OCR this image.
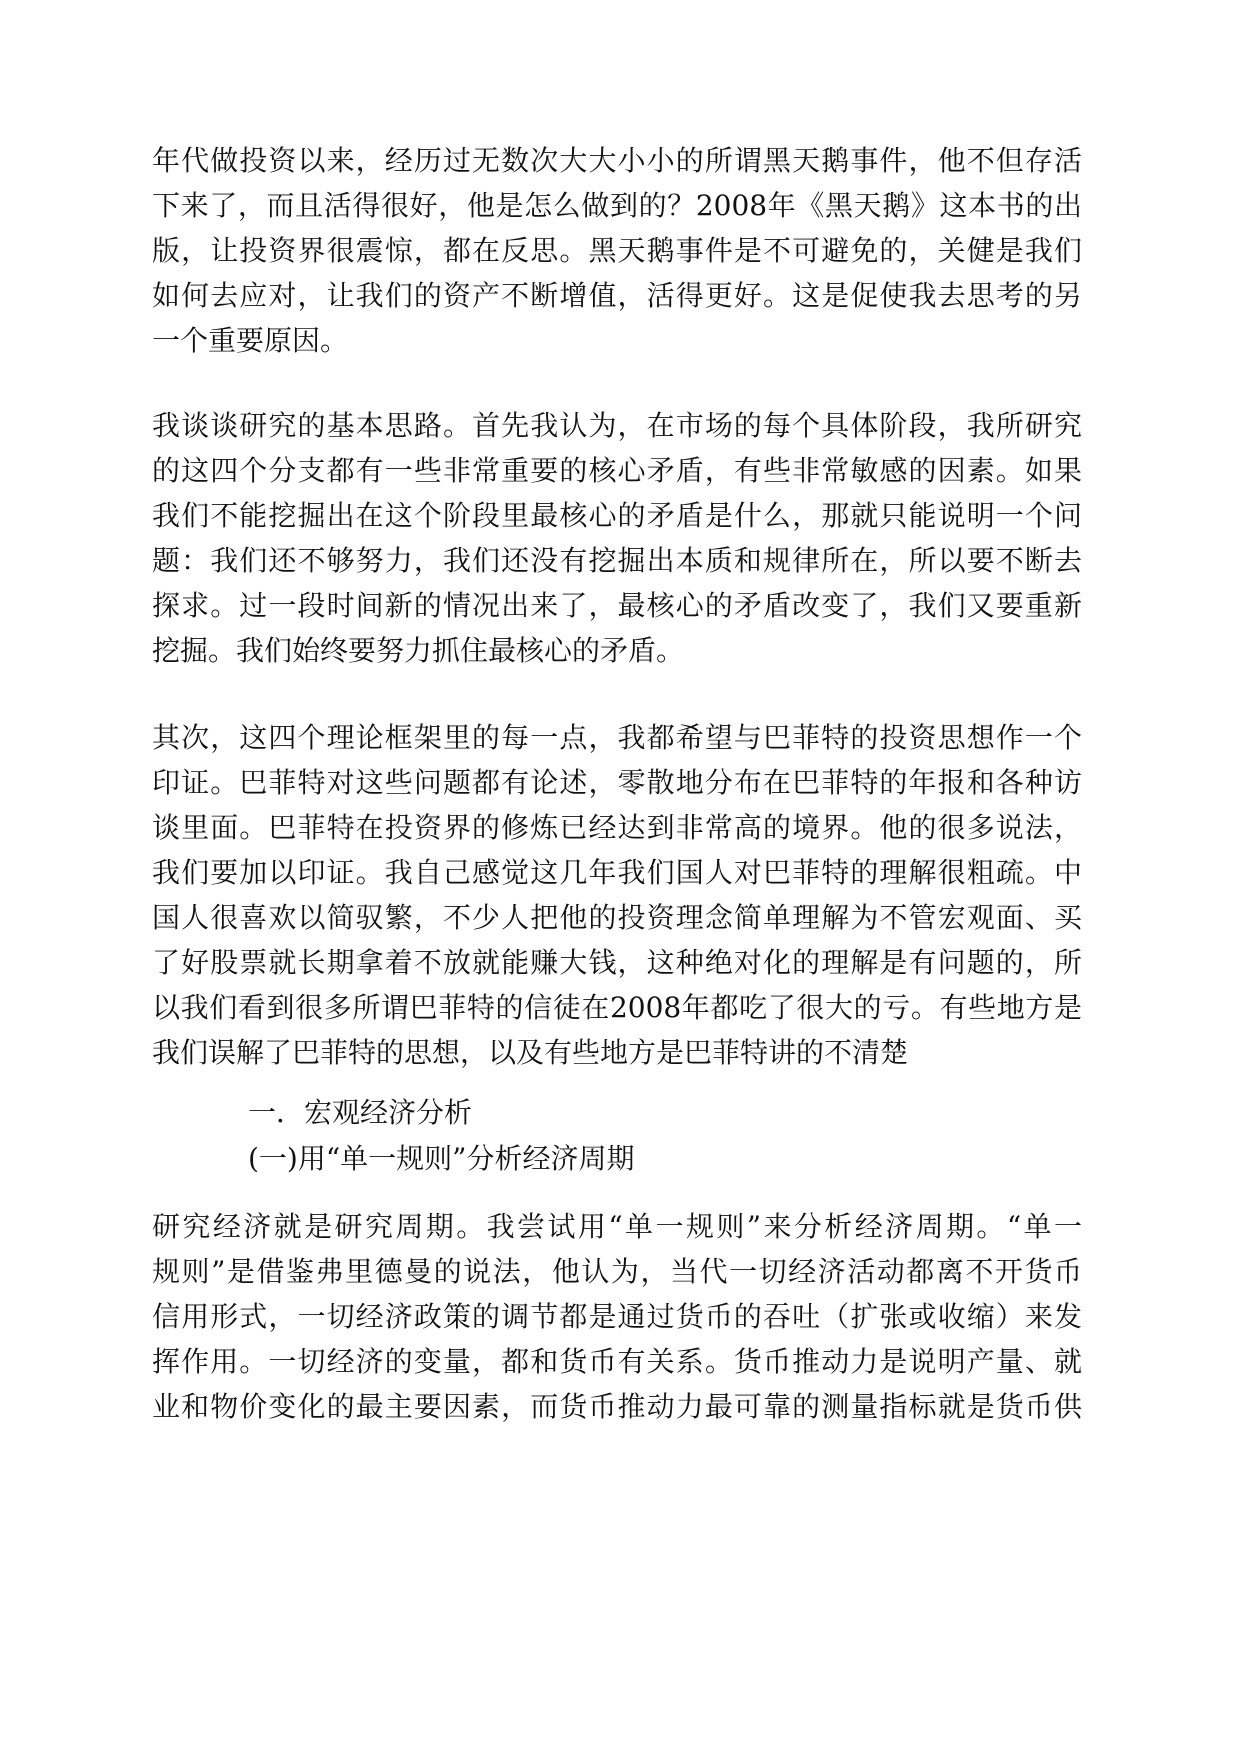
年代做投资以来，经历过无数次大大小小的所谓黑天鹅事件，他不但存活
下来了，而且活得很好，他是怎么做到的？2008年《黑天鹅》这本书的出
版，让投资界很震惊，都在反思。黑天鹅事件是不可避免的，关健是我们
如何去应对，让我们的资产不断增值，活得更好。这是促使我去思考的另
一个重要原因。
我谈谈研究的基本思路。首先我认为，在市场的每个具体阶段，我所研究
的这四个分支都有一些非常重要的核心矛盾，有些非常敏感的因素。如果
我们不能挖掘出在这个阶段里最核心的矛盾是什么，那就只能说明一个问
题：我们还不够努力，我们还没有挖掘出本质和规律所在，所以要不断去
探求。过一段时间新的情况出来了，最核心的矛盾改变了，我们又要重新
挖掘。我们始终要努力抓住最核心的矛盾。
其次，这四个理论框架里的每一点，我都希望与巴菲特的投资思想作一个
印证。巴菲特对这些问题都有论述，零散地分布在巴菲特的年报和各种访
谈里面。巴菲特在投资界的修炼已经达到非常高的境界。他的很多说法，
我们要加以印证。我自己感觉这几年我们国人对巴菲特的理解很粗疏。中
国人很喜欢以简驭繁，不少人把他的投资理念简单理解为不管宏观面、买
了好股票就长期拿着不放就能赚大钱，这种绝对化的理解是有问题的，所
以我们看到很多所谓巴菲特的信徒在2008年都吃了很大的亏。有些地方是
我们误解了巴菲特的思想，以及有些地方是巴菲特讲的不清楚
一．宏观经济分析
(一)用“单一规则”分析经济周期
研究经济就是研究周期。我尝试用“单一规则”来分析经济周期。“单一
规则”是借鉴弗里德曼的说法，他认为，当代一切经济活动都离不开货币
信用形式，一切经济政策的调节都是通过货币的吞吐（扩张或收缩）来发
挥作用。一切经济的变量，都和货币有关系。货币推动力是说明产量、就
业和物价变化的最主要因素，而货币推动力最可靠的测量指标就是货币供
